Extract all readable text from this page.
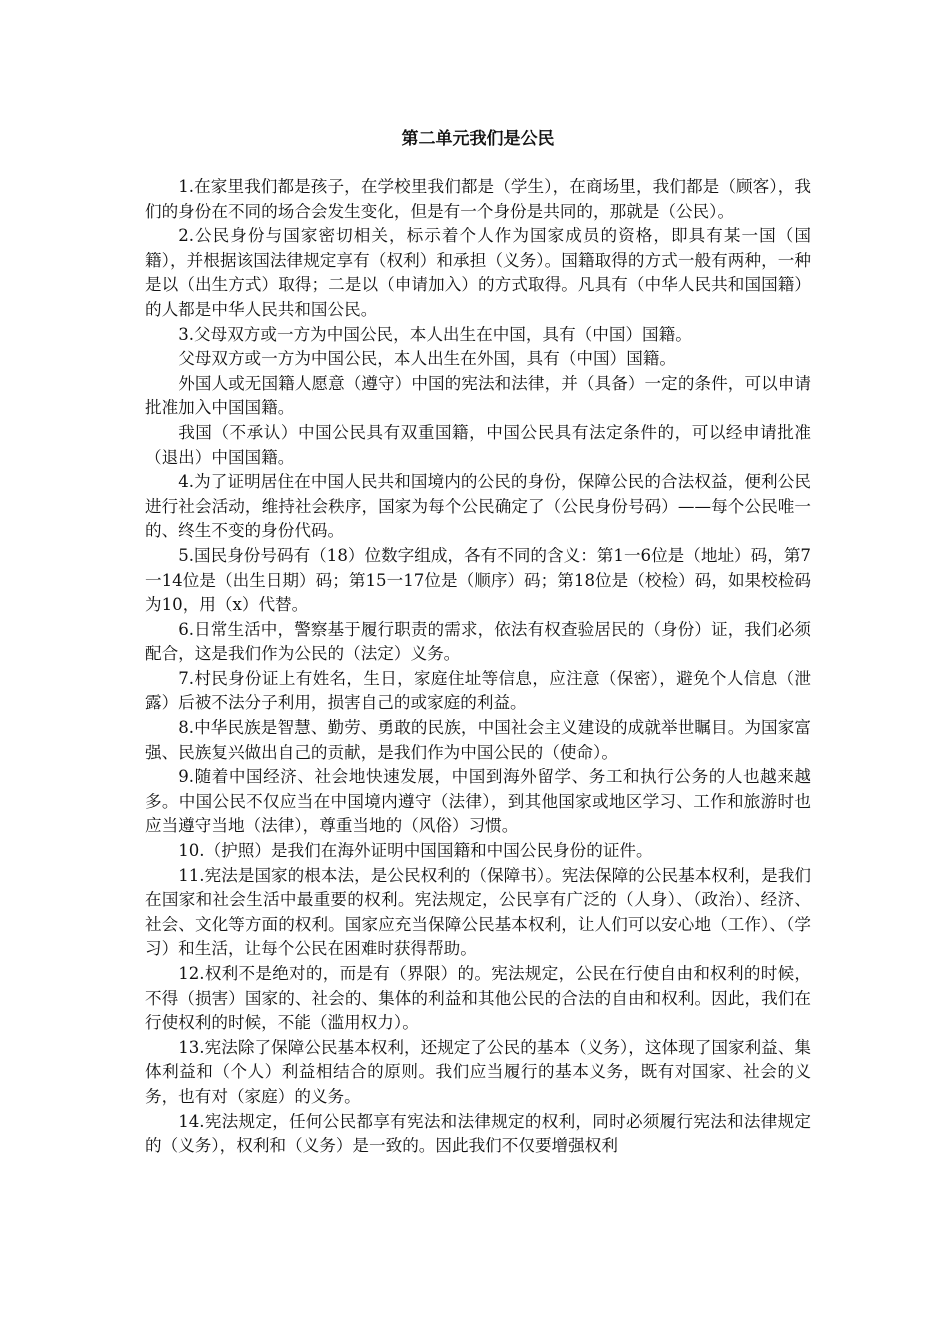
第二单元我们是公民

1.在家里我们都是孩子，在学校里我们都是（学生），在商场里，我们都是（顾客），我们的身份在不同的场合会发生变化，但是有一个身份是共同的，那就是（公民）。

2.公民身份与国家密切相关，标示着个人作为国家成员的资格，即具有某一国（国籍），并根据该国法律规定享有（权利）和承担（义务）。国籍取得的方式一般有两种，一种是以（出生方式）取得；二是以（申请加入）的方式取得。凡具有（中华人民共和国国籍）的人都是中华人民共和国公民。

3.父母双方或一方为中国公民，本人出生在中国，具有（中国）国籍。

父母双方或一方为中国公民，本人出生在外国，具有（中国）国籍。

外国人或无国籍人愿意（遵守）中国的宪法和法律，并（具备）一定的条件，可以申请批准加入中国国籍。

我国（不承认）中国公民具有双重国籍，中国公民具有法定条件的，可以经申请批准（退出）中国国籍。

4.为了证明居住在中国人民共和国境内的公民的身份，保障公民的合法权益，便利公民进行社会活动，维持社会秩序，国家为每个公民确定了（公民身份号码）——每个公民唯一的、终生不变的身份代码。

5.国民身份号码有（18）位数字组成，各有不同的含义：第1一6位是（地址）码，第7一14位是（出生日期）码；第15一17位是（顺序）码；第18位是（校检）码，如果校检码为10，用（x）代替。

6.日常生活中，警察基于履行职责的需求，依法有权查验居民的（身份）证，我们必须配合，这是我们作为公民的（法定）义务。

7.村民身份证上有姓名，生日，家庭住址等信息，应注意（保密），避免个人信息（泄露）后被不法分子利用，损害自己的或家庭的利益。

8.中华民族是智慧、勤劳、勇敢的民族，中国社会主义建设的成就举世瞩目。为国家富强、民族复兴做出自己的贡献，是我们作为中国公民的（使命）。

9.随着中国经济、社会地快速发展，中国到海外留学、务工和执行公务的人也越来越多。中国公民不仅应当在中国境内遵守（法律），到其他国家或地区学习、工作和旅游时也应当遵守当地（法律），尊重当地的（风俗）习惯。

10.（护照）是我们在海外证明中国国籍和中国公民身份的证件。

11.宪法是国家的根本法，是公民权利的（保障书）。宪法保障的公民基本权利，是我们在国家和社会生活中最重要的权利。宪法规定，公民享有广泛的（人身）、（政治）、经济、社会、文化等方面的权利。国家应充当保障公民基本权利，让人们可以安心地（工作）、（学习）和生活，让每个公民在困难时获得帮助。

12.权利不是绝对的，而是有（界限）的。宪法规定，公民在行使自由和权利的时候，不得（损害）国家的、社会的、集体的利益和其他公民的合法的自由和权利。因此，我们在行使权利的时候，不能（滥用权力）。

13.宪法除了保障公民基本权利，还规定了公民的基本（义务），这体现了国家利益、集体利益和（个人）利益相结合的原则。我们应当履行的基本义务，既有对国家、社会的义务，也有对（家庭）的义务。

14.宪法规定，任何公民都享有宪法和法律规定的权利，同时必须履行宪法和法律规定的（义务），权利和（义务）是一致的。因此我们不仅要增强权利
